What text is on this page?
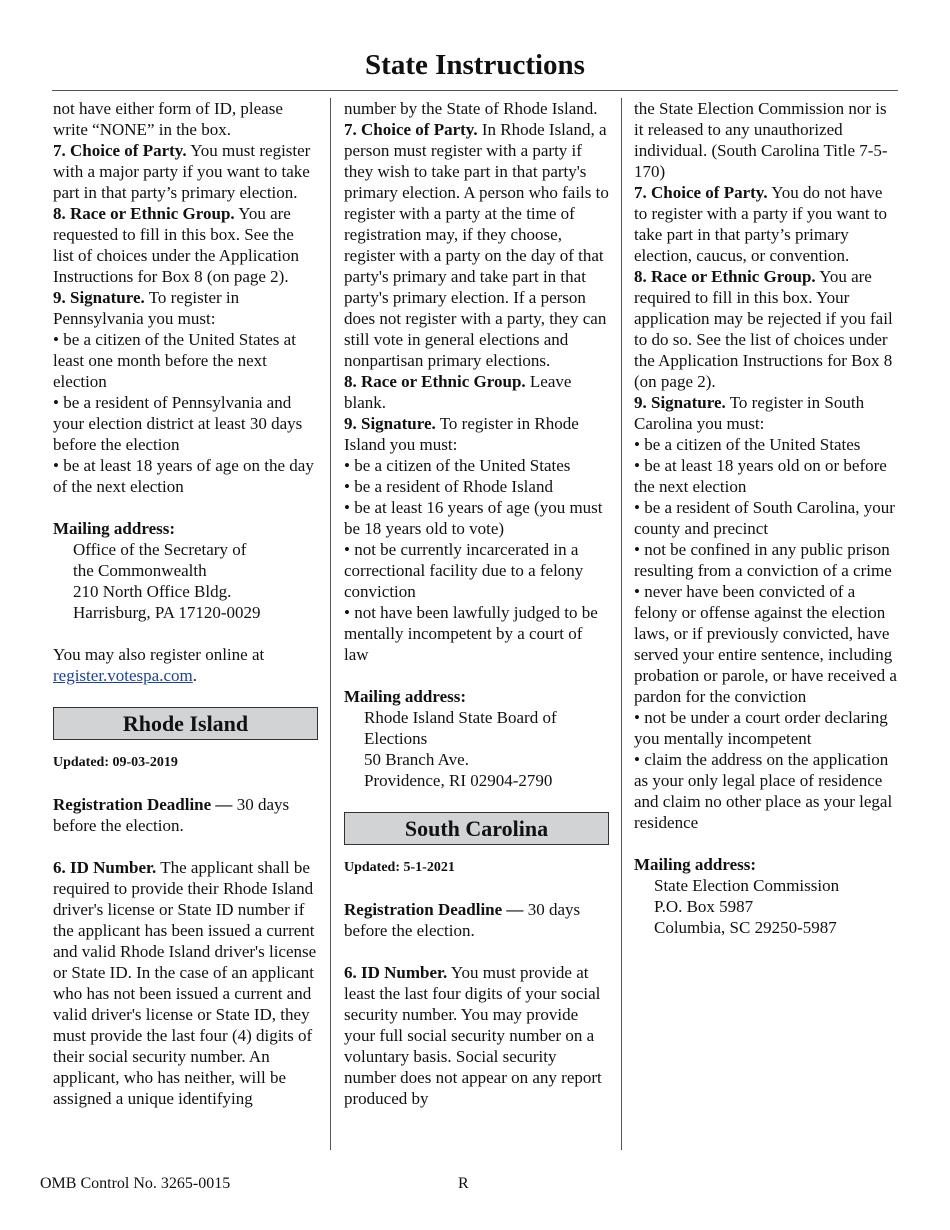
State Instructions

not have either form of ID, please write “NONE” in the box.

7. Choice of Party. You must register with a major party if you want to take part in that party’s primary election.

8. Race or Ethnic Group. You are requested to fill in this box. See the list of choices under the Application Instructions for Box 8 (on page 2).

9. Signature. To register in Pennsylvania you must:

• be a citizen of the United States at least one month before the next election

• be a resident of Pennsylvania and your election district at least 30 days before the election

• be at least 18 years of age on the day of the next election

Mailing address:

Office of the Secretary of

the Commonwealth

210 North Office Bldg.

Harrisburg, PA 17120-0029

You may also register online at register.votespa.com.

Rhode Island

Updated: 09-03-2019

Registration Deadline — 30 days before the election.

6. ID Number. The applicant shall be required to provide their Rhode Island driver's license or State ID number if the applicant has been issued a current and valid Rhode Island driver's license or State ID. In the case of an applicant who has not been issued a current and valid driver's license or State ID, they must provide the last four (4) digits of their social security number. An applicant, who has neither, will be assigned a unique identifying

number by the State of Rhode Island.

7. Choice of Party. In Rhode Island, a person must register with a party if they wish to take part in that party's primary election. A person who fails to register with a party at the time of registration may, if they choose, register with a party on the day of that party's primary and take part in that party's primary election. If a person does not register with a party, they can still vote in general elections and nonpartisan primary elections.

8. Race or Ethnic Group. Leave blank.

9. Signature. To register in Rhode Island you must:

• be a citizen of the United States

• be a resident of Rhode Island

• be at least 16 years of age (you must be 18 years old to vote)

• not be currently incarcerated in a correctional facility due to a felony conviction

• not have been lawfully judged to be mentally incompetent by a court of law

Mailing address:

Rhode Island State Board of

Elections

50 Branch Ave.

Providence, RI 02904-2790

South Carolina

Updated: 5-1-2021

Registration Deadline — 30 days before the election.

6. ID Number. You must provide at least the last four digits of your social security number. You may provide your full social security number on a voluntary basis. Social security number does not appear on any report produced by

the State Election Commission nor is it released to any unauthorized individual. (South Carolina Title 7-5-170)

7. Choice of Party. You do not have to register with a party if you want to take part in that party’s primary election, caucus, or convention.

8. Race or Ethnic Group. You are required to fill in this box. Your application may be rejected if you fail to do so. See the list of choices under the Application Instructions for Box 8 (on page 2).

9. Signature. To register in South Carolina you must:

• be a citizen of the United States

• be at least 18 years old on or before the next election

• be a resident of South Carolina, your county and precinct

• not be confined in any public prison resulting from a conviction of a crime

• never have been convicted of a felony or offense against the election laws, or if previously convicted, have served your entire sentence, including probation or parole, or have received a pardon for the conviction

• not be under a court order declaring you mentally incompetent

• claim the address on the application as your only legal place of residence and claim no other place as your legal residence

Mailing address:

State Election Commission

P.O. Box 5987

Columbia, SC 29250-5987

OMB Control No. 3265-0015	R
